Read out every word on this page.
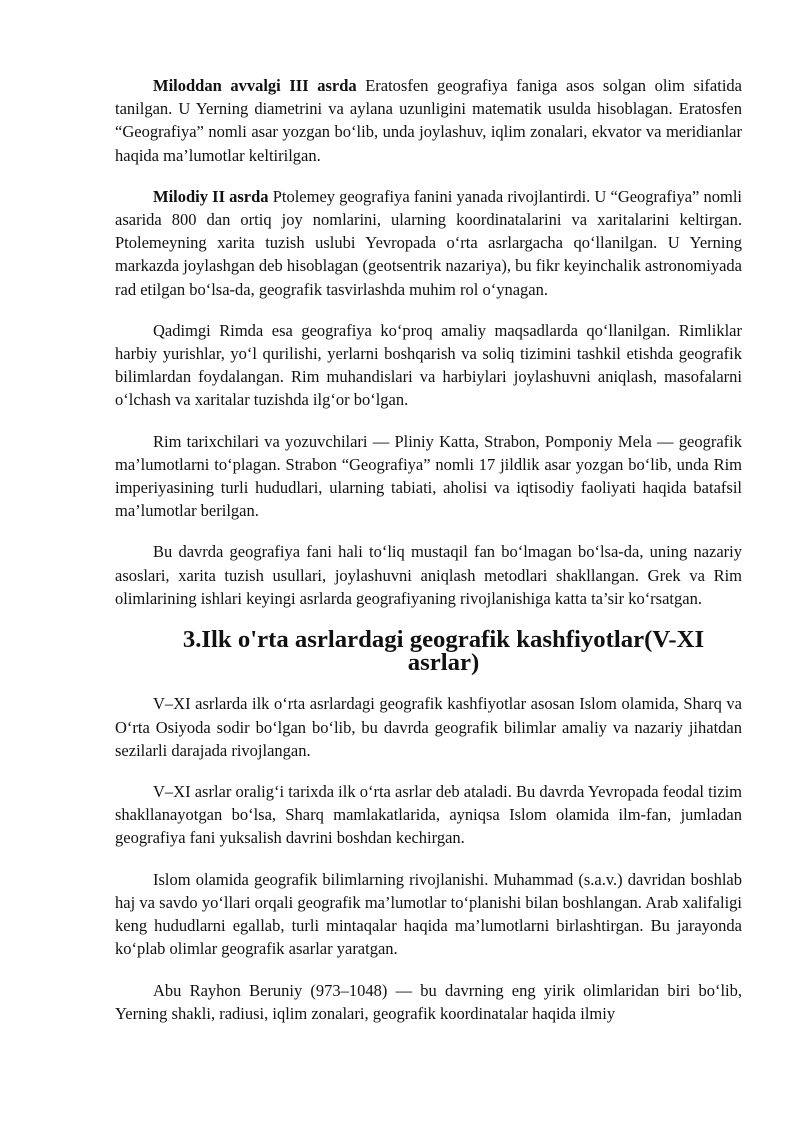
Miloddan avvalgi III asrda Eratosfen geografiya faniga asos solgan olim sifatida tanilgan. U Yerning diametrini va aylana uzunligini matematik usulda hisoblagan. Eratosfen “Geografiya” nomli asar yozgan bo‘lib, unda joylashuv, iqlim zonalari, ekvator va meridianlar haqida ma’lumotlar keltirilgan.

Milodiy II asrda Ptolemey geografiya fanini yanada rivojlantirdi. U “Geografiya” nomli asarida 800 dan ortiq joy nomlarini, ularning koordinatalarini va xaritalarini keltirgan. Ptolemeyning xarita tuzish uslubi Yevropada o‘rta asrlargacha qo‘llanilgan. U Yerning markazda joylashgan deb hisoblagan (geotsentrik nazariya), bu fikr keyinchalik astronomiyada rad etilgan bo‘lsa-da, geografik tasvirlashda muhim rol o‘ynagan.

Qadimgi Rimda esa geografiya ko‘proq amaliy maqsadlarda qo‘llanilgan. Rimliklar harbiy yurishlar, yo‘l qurilishi, yerlarni boshqarish va soliq tizimini tashkil etishda geografik bilimlardan foydalangan. Rim muhandislari va harbiylari joylashuvni aniqlash, masofalarni o‘lchash va xaritalar tuzishda ilg‘or bo‘lgan.

Rim tarixchilari va yozuvchilari — Pliniy Katta, Strabon, Pomponiy Mela — geografik ma’lumotlarni to‘plagan. Strabon “Geografiya” nomli 17 jildlik asar yozgan bo‘lib, unda Rim imperiyasining turli hududlari, ularning tabiati, aholisi va iqtisodiy faoliyati haqida batafsil ma’lumotlar berilgan.

Bu davrda geografiya fani hali to‘liq mustaqil fan bo‘lmagan bo‘lsa-da, uning nazariy asoslari, xarita tuzish usullari, joylashuvni aniqlash metodlari shakllangan. Grek va Rim olimlarining ishlari keyingi asrlarda geografiyaning rivojlanishiga katta ta’sir ko‘rsatgan.

3.Ilk o'rta asrlardagi geografik kashfiyotlar(V-XI asrlar)

V–XI asrlarda ilk o‘rta asrlardagi geografik kashfiyotlar asosan Islom olamida, Sharq va O‘rta Osiyoda sodir bo‘lgan bo‘lib, bu davrda geografik bilimlar amaliy va nazariy jihatdan sezilarli darajada rivojlangan.

V–XI asrlar oralig‘i tarixda ilk o‘rta asrlar deb ataladi. Bu davrda Yevropada feodal tizim shakllanayotgan bo‘lsa, Sharq mamlakatlarida, ayniqsa Islom olamida ilm-fan, jumladan geografiya fani yuksalish davrini boshdan kechirgan.

Islom olamida geografik bilimlarning rivojlanishi. Muhammad (s.a.v.) davridan boshlab haj va savdo yo‘llari orqali geografik ma’lumotlar to‘planishi bilan boshlangan. Arab xalifaligi keng hududlarni egallab, turli mintaqalar haqida ma’lumotlarni birlashtirgan. Bu jarayonda ko‘plab olimlar geografik asarlar yaratgan.

Abu Rayhon Beruniy (973–1048) — bu davrning eng yirik olimlaridan biri bo‘lib, Yerning shakli, radiusi, iqlim zonalari, geografik koordinatalar haqida ilmiy
